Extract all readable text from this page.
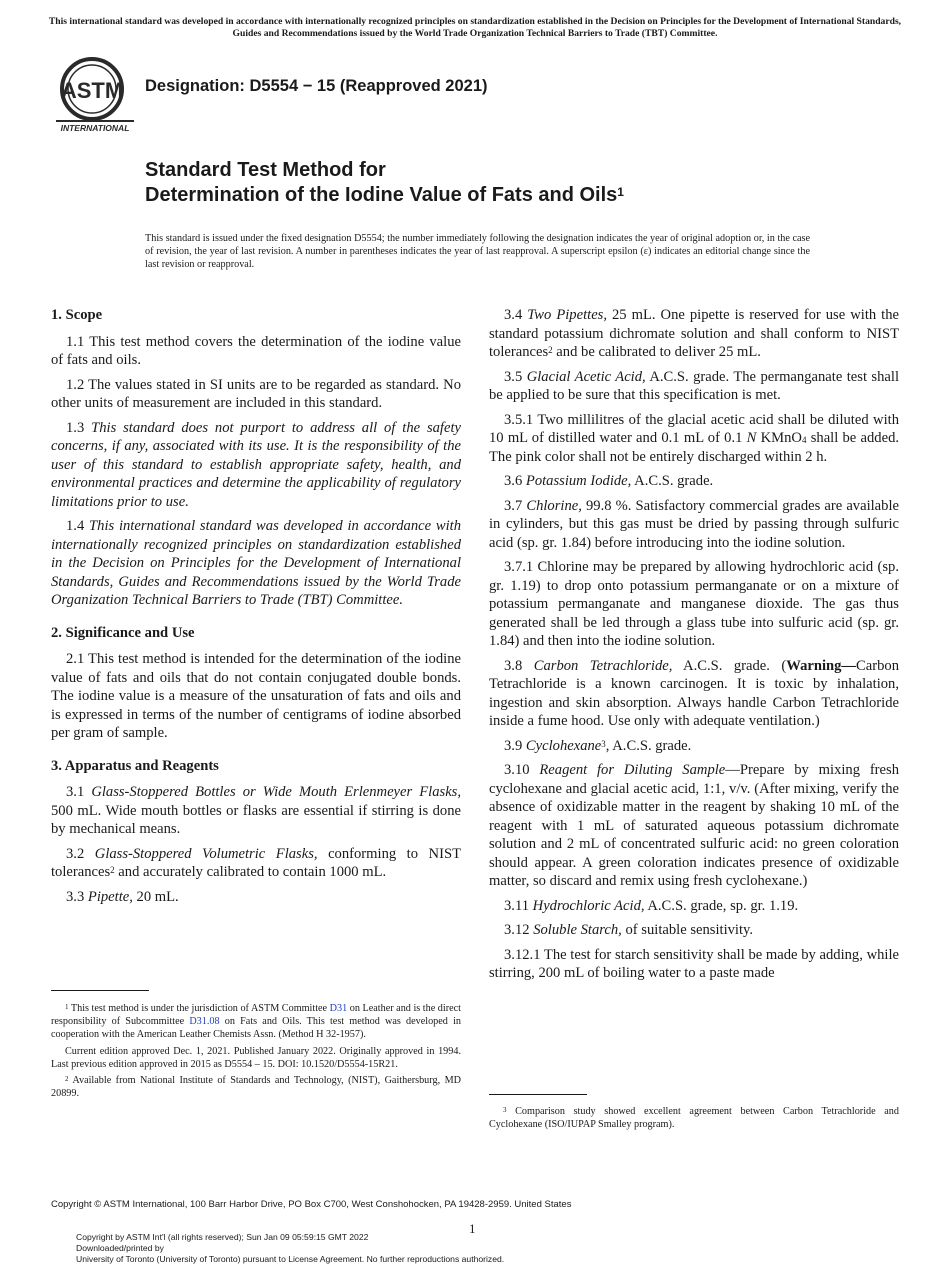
This international standard was developed in accordance with internationally recognized principles on standardization established in the Decision on Principles for the Development of International Standards, Guides and Recommendations issued by the World Trade Organization Technical Barriers to Trade (TBT) Committee.
ASTM
INTERNATIONAL
Designation: D5554 − 15 (Reapproved 2021)
Standard Test Method for
Determination of the Iodine Value of Fats and Oils$^1$
This standard is issued under the fixed designation D5554; the number immediately following the designation indicates the year of original adoption or, in the case of revision, the year of last revision. A number in parentheses indicates the year of last reapproval. A superscript epsilon (ε) indicates an editorial change since the last revision or reapproval.
1. Scope

1.1 This test method covers the determination of the iodine value of fats and oils.

1.2 The values stated in SI units are to be regarded as standard. No other units of measurement are included in this standard.

1.3 This standard does not purport to address all of the safety concerns, if any, associated with its use. It is the responsibility of the user of this standard to establish appropriate safety, health, and environmental practices and determine the applicability of regulatory limitations prior to use.

1.4 This international standard was developed in accordance with internationally recognized principles on standardization established in the Decision on Principles for the Development of International Standards, Guides and Recommendations issued by the World Trade Organization Technical Barriers to Trade (TBT) Committee.

2. Significance and Use

2.1 This test method is intended for the determination of the iodine value of fats and oils that do not contain conjugated double bonds. The iodine value is a measure of the unsaturation of fats and oils and is expressed in terms of the number of centigrams of iodine absorbed per gram of sample.

3. Apparatus and Reagents

3.1 Glass-Stoppered Bottles or Wide Mouth Erlenmeyer Flasks, 500 mL. Wide mouth bottles or flasks are essential if stirring is done by mechanical means.

3.2 Glass-Stoppered Volumetric Flasks, conforming to NIST tolerances$^2$ and accurately calibrated to contain 1000 mL.

3.3 Pipette, 20 mL.

3.4 Two Pipettes, 25 mL. One pipette is reserved for use with the standard potassium dichromate solution and shall conform to NIST tolerances$^2$ and be calibrated to deliver 25 mL.

3.5 Glacial Acetic Acid, A.C.S. grade. The permanganate test shall be applied to be sure that this specification is met.

3.5.1 Two millilitres of the glacial acetic acid shall be diluted with 10 mL of distilled water and 0.1 mL of 0.1 N KMnO$_4$ shall be added. The pink color shall not be entirely discharged within 2 h.

3.6 Potassium Iodide, A.C.S. grade.

3.7 Chlorine, 99.8 %. Satisfactory commercial grades are available in cylinders, but this gas must be dried by passing through sulfuric acid (sp. gr. 1.84) before introducing into the iodine solution.

3.7.1 Chlorine may be prepared by allowing hydrochloric acid (sp. gr. 1.19) to drop onto potassium permanganate or on a mixture of potassium permanganate and manganese dioxide. The gas thus generated shall be led through a glass tube into sulfuric acid (sp. gr. 1.84) and then into the iodine solution.

3.8 Carbon Tetrachloride, A.C.S. grade. (Warning—Carbon Tetrachloride is a known carcinogen. It is toxic by inhalation, ingestion and skin absorption. Always handle Carbon Tetrachloride inside a fume hood. Use only with adequate ventilation.)

3.9 Cyclohexane$^3$, A.C.S. grade.

3.10 Reagent for Diluting Sample—Prepare by mixing fresh cyclohexane and glacial acetic acid, 1:1, v/v. (After mixing, verify the absence of oxidizable matter in the reagent by shaking 10 mL of the reagent with 1 mL of saturated aqueous potassium dichromate solution and 2 mL of concentrated sulfuric acid: no green coloration should appear. A green coloration indicates presence of oxidizable matter, so discard and remix using fresh cyclohexane.)

3.11 Hydrochloric Acid, A.C.S. grade, sp. gr. 1.19.

3.12 Soluble Starch, of suitable sensitivity.

3.12.1 The test for starch sensitivity shall be made by adding, while stirring, 200 mL of boiling water to a paste made

$^1$ This test method is under the jurisdiction of ASTM Committee D31 on Leather and is the direct responsibility of Subcommittee D31.08 on Fats and Oils. This test method was developed in cooperation with the American Leather Chemists Assn. (Method H 32-1957).

Current edition approved Dec. 1, 2021. Published January 2022. Originally approved in 1994. Last previous edition approved in 2015 as D5554 – 15. DOI: 10.1520/D5554-15R21.

$^2$ Available from National Institute of Standards and Technology, (NIST), Gaithersburg, MD 20899.

$^3$ Comparison study showed excellent agreement between Carbon Tetrachloride and Cyclohexane (ISO/IUPAP Smalley program).

Copyright © ASTM International, 100 Barr Harbor Drive, PO Box C700, West Conshohocken, PA 19428-2959. United States
1
Copyright by ASTM Int'l (all rights reserved); Sun Jan 09 05:59:15 GMT 2022
Downloaded/printed by
University of Toronto (University of Toronto) pursuant to License Agreement. No further reproductions authorized.
